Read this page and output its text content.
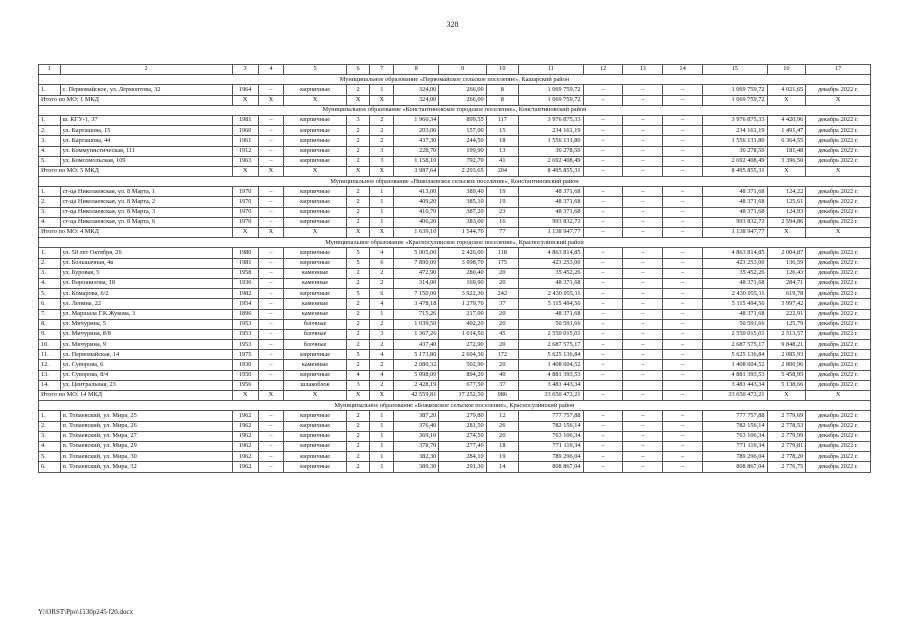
328
1	2	3	4	5	6	7	8	9	10	11	12	13	14	15	16	17
Муниципальное образование «Первомайское сельское поселение», Кашарский район																
1.	с. Первомайское, ул. Лермонтова, 32	1964	–	кирпичные	2	1	324,00	266,00	8	1 069 759,72	–	–	–	1 069 759,72	4 021,65	декабрь 2022 г.
Итого по МО: 1 МКД		Х	Х	Х	Х	Х	324,00	266,00	8	1 069 759,72	–	–	–	1 069 759,72	Х	Х
Муниципальное образование «Константиновское городское поселение», Константиновский район																
1.	ш. КГУ-1, 37	1981	–	кирпичные	3	2	1 960,34	899,55	117	3 976 875,33	–	–	–	3 976 875,33	4 420,96	декабрь 2022 г.
2.	ул. Карташова, 15	1960	–	кирпичные	2	2	203,00	157,00	15	234 161,19	–	–	–	234 161,19	1 491,47	декабрь 2022 г.
3.	ул. Карташова, 44	1961	–	кирпичные	2	2	437,30	244,50	18	1 556 131,80	–	–	–	1 556 131,80	6 364,55	декабрь 2022 г.
4.	ул. Коммунистическая, 111	1912	–	кирпичные	2	3	228,70	199,90	13	36 278,50	–	–	–	36 278,50	181,48	декабрь 2022 г.
5.	ул. Комсомольская, 109	1963	–	кирпичные	2	3	1 158,10	792,70	41	2 692 408,49	–	–	–	2 692 408,49	3 396,50	декабрь 2022 г.
Итого по МО: 5 МКД		Х	Х	Х	Х	Х	3 987,64	2 293,65	204	8 495 855,31	–	–	–	8 495 855,31	Х	Х
Муниципальное образование «Николаевское сельское поселение», Константиновский район																
1.	ст-ца Николаевская, ул. 8 Марта, 1	1970	–	кирпичные	2	1	413,00	389,40	19	48 371,68	–	–	–	48 371,68	124,22	декабрь 2022 г.
2.	ст-ца Николаевская, ул. 8 Марта, 2	1970	–	кирпичные	2	1	409,20	385,10	19	48 371,68	–	–	–	48 371,68	125,61	декабрь 2022 г.
3.	ст-ца Николаевская, ул. 8 Марта, 3	1970	–	кирпичные	2	1	410,70	387,20	23	48 371,68	–	–	–	48 371,68	124,93	декабрь 2022 г.
4.	ст-ца Николаевская, ул. 8 Марта, 6	1970	–	кирпичные	2	1	406,20	383,00	16	993 832,73	–	–	–	993 832,73	2 594,86	декабрь 2022 г.
Итого по МО: 4 МКД		Х	Х	Х	Х	Х	1 639,10	1 544,70	77	1 138 947,77	–	–	–	1 138 947,77	Х	Х
Муниципальное образование «Красносулинское городское поселение», Красносулинский район																
1.	ул. 50 лет Октября, 26	1980	–	кирпичные	5	4	5 005,00	2 426,00	118	4 863 814,85	–	–	–	4 863 814,85	2 004,87	декабрь 2022 г.
2.	ул. Большачная, 4в	1981	–	кирпичные	5	6	7 890,00	3 098,70	175	423 253,00	–	–	–	423 253,00	136,59	декабрь 2022 г.
3.	ул. Буровая, 5	1958	–	каменные	2	2	472,90	280,40	20	35 452,26	–	–	–	35 452,26	126,43	декабрь 2022 г.
4.	ул. Ворошилова, 18	1936	–	каменные	2	2	314,00	169,90	20	48 371,68	–	–	–	48 371,68	284,71	декабрь 2022 г.
5.	ул. Комарова, 6/2	1982	–	кирпичные	5	6	7 150,00	3 922,30	242	2 430 955,11	–	–	–	2 430 955,11	619,78	декабрь 2022 г.
6.	ул. Ленина, 22	1954	–	каменные	2	4	3 478,18	1 279,70	37	5 115 494,56	–	–	–	5 115 494,56	3 997,42	декабрь 2022 г.
7.	ул. Маршала Г.К.Жукова, 3	1896	–	каменные	2	1	715,26	217,00	20	48 371,68	–	–	–	48 371,68	222,91	декабрь 2022 г.
8.	ул. Мичурина, 5	1953	–	блочные	2	2	1 039,50	402,20	20	50 591,66	–	–	–	50 591,66	125,79	декабрь 2022 г.
9.	ул. Мичурина, 8/8	1953	–	блочные	2	3	1 367,26	1 014,50	45	2 550 015,01	–	–	–	2 550 015,01	2 513,57	декабрь 2022 г.
10.	ул. Мичурина, 9	1953	–	блочные	2	2	437,40	272,90	20	2 687 575,17	–	–	–	2 687 575,17	9 848,21	декабрь 2022 г.
11.	ул. Первомайская, 14	1975	–	кирпичные	5	4	5 173,80	2 694,30	172	5 625 136,84	–	–	–	5 625 136,84	2 085,93	декабрь 2022 г.
12.	ул. Суворова, 6	1930	–	каменные	2	2	2 080,32	502,90	20	1 408 604,52	–	–	–	1 408 604,52	2 800,96	декабрь 2022 г.
13.	ул. Суворова, 8/4	1950	–	кирпичные	4	4	5 098,00	894,20	40	4 881 393,53	–	–	–	4 881 393,53	5 458,95	декабрь 2022 г.
14.	ул. Центральная, 23	1956		шлакоблок	3	2	2 428,19	677,50	37	3 481 443,34				3 481 443,34	5 138,66	декабрь 2022 г.
Итого по МО: 14 МКД		Х	Х	Х	Х	Х	42 559,81	17 252,50	986	33 650 473,21	–	–	–	33 650 473,21	Х	Х
Муниципальное образование «Божковское сельское поселение», Красносулинский район																
1.	п. Топаевский, ул. Мира, 25	1962	–	кирпичные	2	1	387,20	279,80	12	777 757,88	–	–	–	777 757,88	2 779,69	декабрь 2022 г.
2.	п. Топаевский, ул. Мира, 26	1962	–	кирпичные	2	1	376,40	281,50	26	782 156,14	–	–	–	782 156,14	2 778,53	декабрь 2022 г.
3.	п. Топаевский, ул. Мира, 27	1962	–	кирпичные	2	1	369,10	274,50	20	763 106,34	–	–	–	763 106,34	2 779,99	декабрь 2022 г.
4.	п. Топаевский, ул. Мира, 29	1962	–	кирпичные	2	1	378,70	277,40	18	771 119,34	–	–	–	771 119,34	2 779,81	декабрь 2022 г.
5.	п. Топаевский, ул. Мира, 30	1962	–	кирпичные	2	1	382,30	284,10	19	789 296,04	–	–	–	789 296,04	2 778,20	декабрь 2022 г.
6.	п. Топаевский, ул. Мира, 32	1962	–	кирпичные	2	1	389,30	291,30	14	808 867,04	–	–	–	808 867,04	2 776,75	декабрь 2022 г.
Y:\ORST\Ppo\1130p245 f20.docx
